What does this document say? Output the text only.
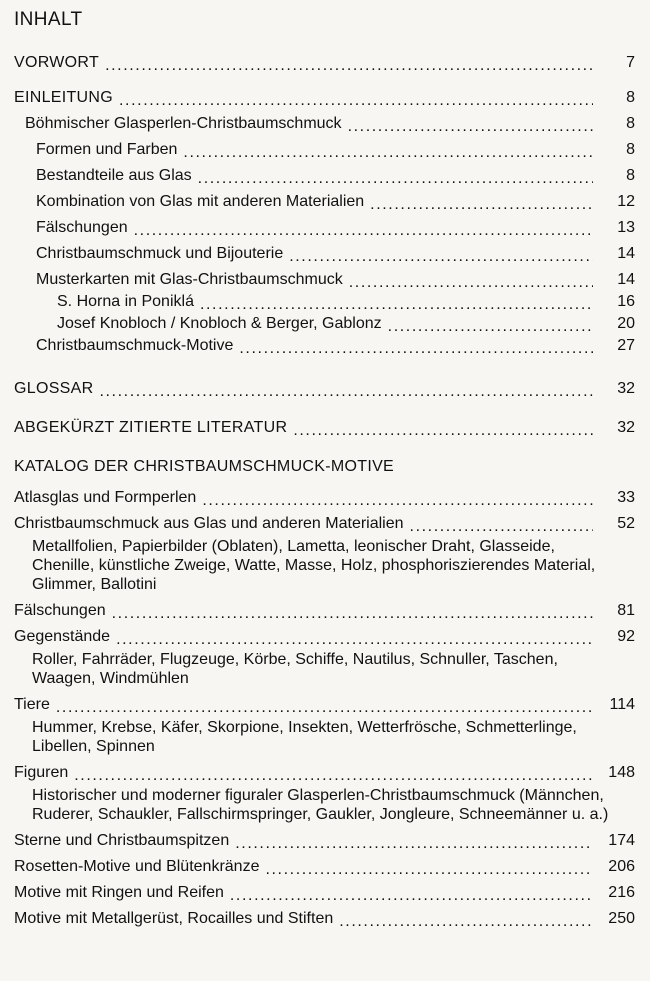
INHALT
VORWORT .....	7
EINLEITUNG .....	8
Böhmischer Glasperlen-Christbaumschmuck .....	8
Formen und Farben .....	8
Bestandteile aus Glas .....	8
Kombination von Glas mit anderen Materialien .....	12
Fälschungen .....	13
Christbaumschmuck und Bijouterie .....	14
Musterkarten mit Glas-Christbaumschmuck .....	14
S. Horna in Poniklá .....	16
Josef Knobloch / Knobloch & Berger, Gablonz .....	20
Christbaumschmuck-Motive .....	27
GLOSSAR .....	32
ABGEKÜRZT ZITIERTE LITERATUR .....	32
KATALOG DER CHRISTBAUMSCHMUCK-MOTIVE
Atlasglas und Formperlen .....	33
Christbaumschmuck aus Glas und anderen Materialien .....	52
Metallfolien, Papierbilder (Oblaten), Lametta, leonischer Draht, Glasseide, Chenille, künstliche Zweige, Watte, Masse, Holz, phosphoriszierendes Material, Glimmer, Ballotini
Fälschungen .....	81
Gegenstände .....	92
Roller, Fahrräder, Flugzeuge, Körbe, Schiffe, Nautilus, Schnuller, Taschen, Waagen, Windmühlen
Tiere .....	114
Hummer, Krebse, Käfer, Skorpione, Insekten, Wetterfrösche, Schmetterlinge, Libellen, Spinnen
Figuren .....	148
Historischer und moderner figuraler Glasperlen-Christbaumschmuck (Männchen, Ruderer, Schaukler, Fallschirmspringer, Gaukler, Jongleure, Schneemänner u. a.)
Sterne und Christbaumspitzen .....	174
Rosetten-Motive und Blütenkränze .....	206
Motive mit Ringen und Reifen .....	216
Motive mit Metallgerüst, Rocailles und Stiften .....	250
